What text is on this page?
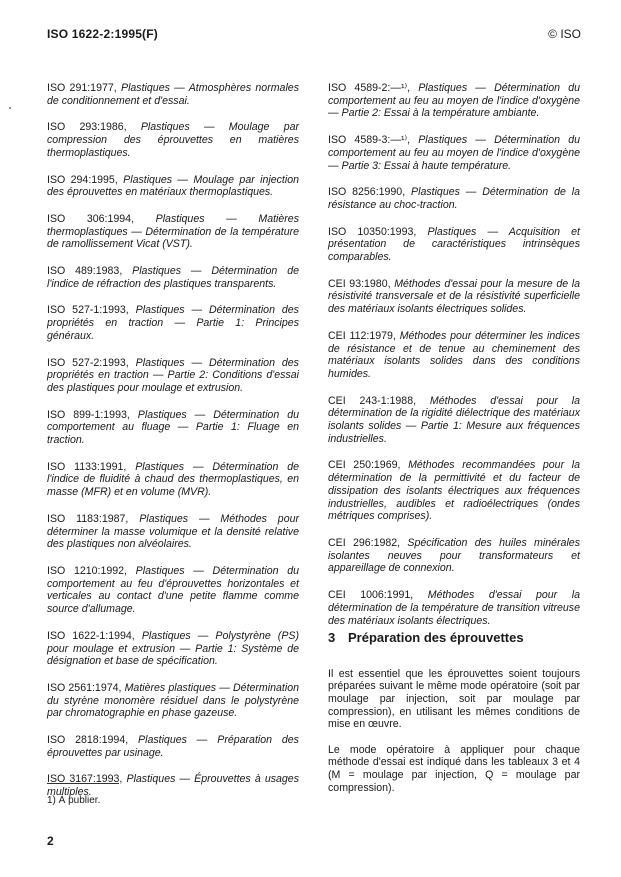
ISO 1622-2:1995(F)	© ISO

ISO 291:1977, Plastiques — Atmosphères normales de conditionnement et d'essai.

ISO 293:1986, Plastiques — Moulage par compression des éprouvettes en matières thermoplastiques.

ISO 294:1995, Plastiques — Moulage par injection des éprouvettes en matériaux thermoplastiques.

ISO 306:1994, Plastiques — Matières thermoplastiques — Détermination de la température de ramollissement Vicat (VST).

ISO 489:1983, Plastiques — Détermination de l'indice de réfraction des plastiques transparents.

ISO 527-1:1993, Plastiques — Détermination des propriétés en traction — Partie 1: Principes généraux.

ISO 527-2:1993, Plastiques — Détermination des propriétés en traction — Partie 2: Conditions d'essai des plastiques pour moulage et extrusion.

ISO 899-1:1993, Plastiques — Détermination du comportement au fluage — Partie 1: Fluage en traction.

ISO 1133:1991, Plastiques — Détermination de l'indice de fluidité à chaud des thermoplastiques, en masse (MFR) et en volume (MVR).

ISO 1183:1987, Plastiques — Méthodes pour déterminer la masse volumique et la densité relative des plastiques non alvéolaires.

ISO 1210:1992, Plastiques — Détermination du comportement au feu d'éprouvettes horizontales et verticales au contact d'une petite flamme comme source d'allumage.

ISO 1622-1:1994, Plastiques — Polystyrène (PS) pour moulage et extrusion — Partie 1: Système de désignation et base de spécification.

ISO 2561:1974, Matières plastiques — Détermination du styrène monomère résiduel dans le polystyrène par chromatographie en phase gazeuse.

ISO 2818:1994, Plastiques — Préparation des éprouvettes par usinage.

ISO 3167:1993, Plastiques — Éprouvettes à usages multiples.

ISO 4589-2:—¹⁾, Plastiques — Détermination du comportement au feu au moyen de l'indice d'oxygène — Partie 2: Essai à la température ambiante.

ISO 4589-3:—¹⁾, Plastiques — Détermination du comportement au feu au moyen de l'indice d'oxygène — Partie 3: Essai à haute température.

ISO 8256:1990, Plastiques — Détermination de la résistance au choc-traction.

ISO 10350:1993, Plastiques — Acquisition et présentation de caractéristiques intrinsèques comparables.

CEI 93:1980, Méthodes d'essai pour la mesure de la résistivité transversale et de la résistivité superficielle des matériaux isolants électriques solides.

CEI 112:1979, Méthodes pour déterminer les indices de résistance et de tenue au cheminement des matériaux isolants solides dans des conditions humides.

CEI 243-1:1988, Méthodes d'essai pour la détermination de la rigidité diélectrique des matériaux isolants solides — Partie 1: Mesure aux fréquences industrielles.

CEI 250:1969, Méthodes recommandées pour la détermination de la permittivité et du facteur de dissipation des isolants électriques aux fréquences industrielles, audibles et radioélectriques (ondes métriques comprises).

CEI 296:1982, Spécification des huiles minérales isolantes neuves pour transformateurs et appareillage de connexion.

CEI 1006:1991, Méthodes d'essai pour la détermination de la température de transition vitreuse des matériaux isolants électriques.

3 Préparation des éprouvettes

Il est essentiel que les éprouvettes soient toujours préparées suivant le même mode opératoire (soit par moulage par injection, soit par moulage par compression), en utilisant les mêmes conditions de mise en œuvre.

Le mode opératoire à appliquer pour chaque méthode d'essai est indiqué dans les tableaux 3 et 4 (M = moulage par injection, Q = moulage par compression).

1) À publier.
2
